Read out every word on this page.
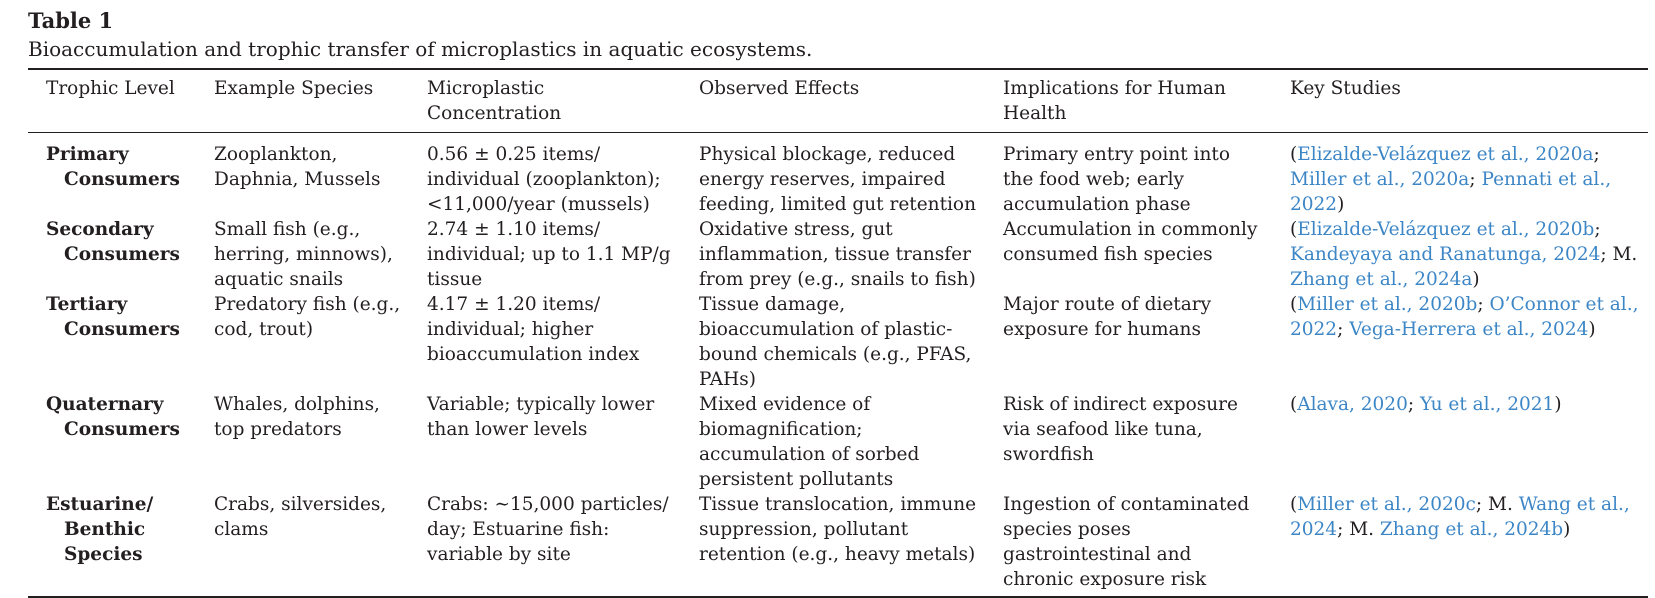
Table 1
Bioaccumulation and trophic transfer of microplastics in aquatic ecosystems.
Trophic Level	Example Species	Microplastic Concentration	Observed Effects	Implications for Human Health	Key Studies
Primary
Consumers	Zooplankton, Daphnia, Mussels	0.56 ± 0.25 items/ individual (zooplankton); <11,000/year (mussels)	Physical blockage, reduced energy reserves, impaired feeding, limited gut retention	Primary entry point into the food web; early accumulation phase	(Elizalde-Velázquez et al., 2020a; Miller et al., 2020a; Pennati et al., 2022)
Secondary
Consumers	Small fish (e.g., herring, minnows), aquatic snails	2.74 ± 1.10 items/ individual; up to 1.1 MP/g tissue	Oxidative stress, gut inflammation, tissue transfer from prey (e.g., snails to fish)	Accumulation in commonly consumed fish species	(Elizalde-Velázquez et al., 2020b; Kandeyaya and Ranatunga, 2024; M. Zhang et al., 2024a)
Tertiary
Consumers	Predatory fish (e.g., cod, trout)	4.17 ± 1.20 items/ individual; higher bioaccumulation index	Tissue damage, bioaccumulation of plastic-bound chemicals (e.g., PFAS, PAHs)	Major route of dietary exposure for humans	(Miller et al., 2020b; O’Connor et al., 2022; Vega-Herrera et al., 2024)
Quaternary
Consumers	Whales, dolphins, top predators	Variable; typically lower than lower levels	Mixed evidence of biomagnification; accumulation of sorbed persistent pollutants	Risk of indirect exposure via seafood like tuna, swordfish	(Alava, 2020; Yu et al., 2021)
Estuarine/
Benthic
Species	Crabs, silversides, clams	Crabs: ∼15,000 particles/ day; Estuarine fish: variable by site	Tissue translocation, immune suppression, pollutant retention (e.g., heavy metals)	Ingestion of contaminated species poses gastrointestinal and chronic exposure risk	(Miller et al., 2020c; M. Wang et al., 2024; M. Zhang et al., 2024b)
